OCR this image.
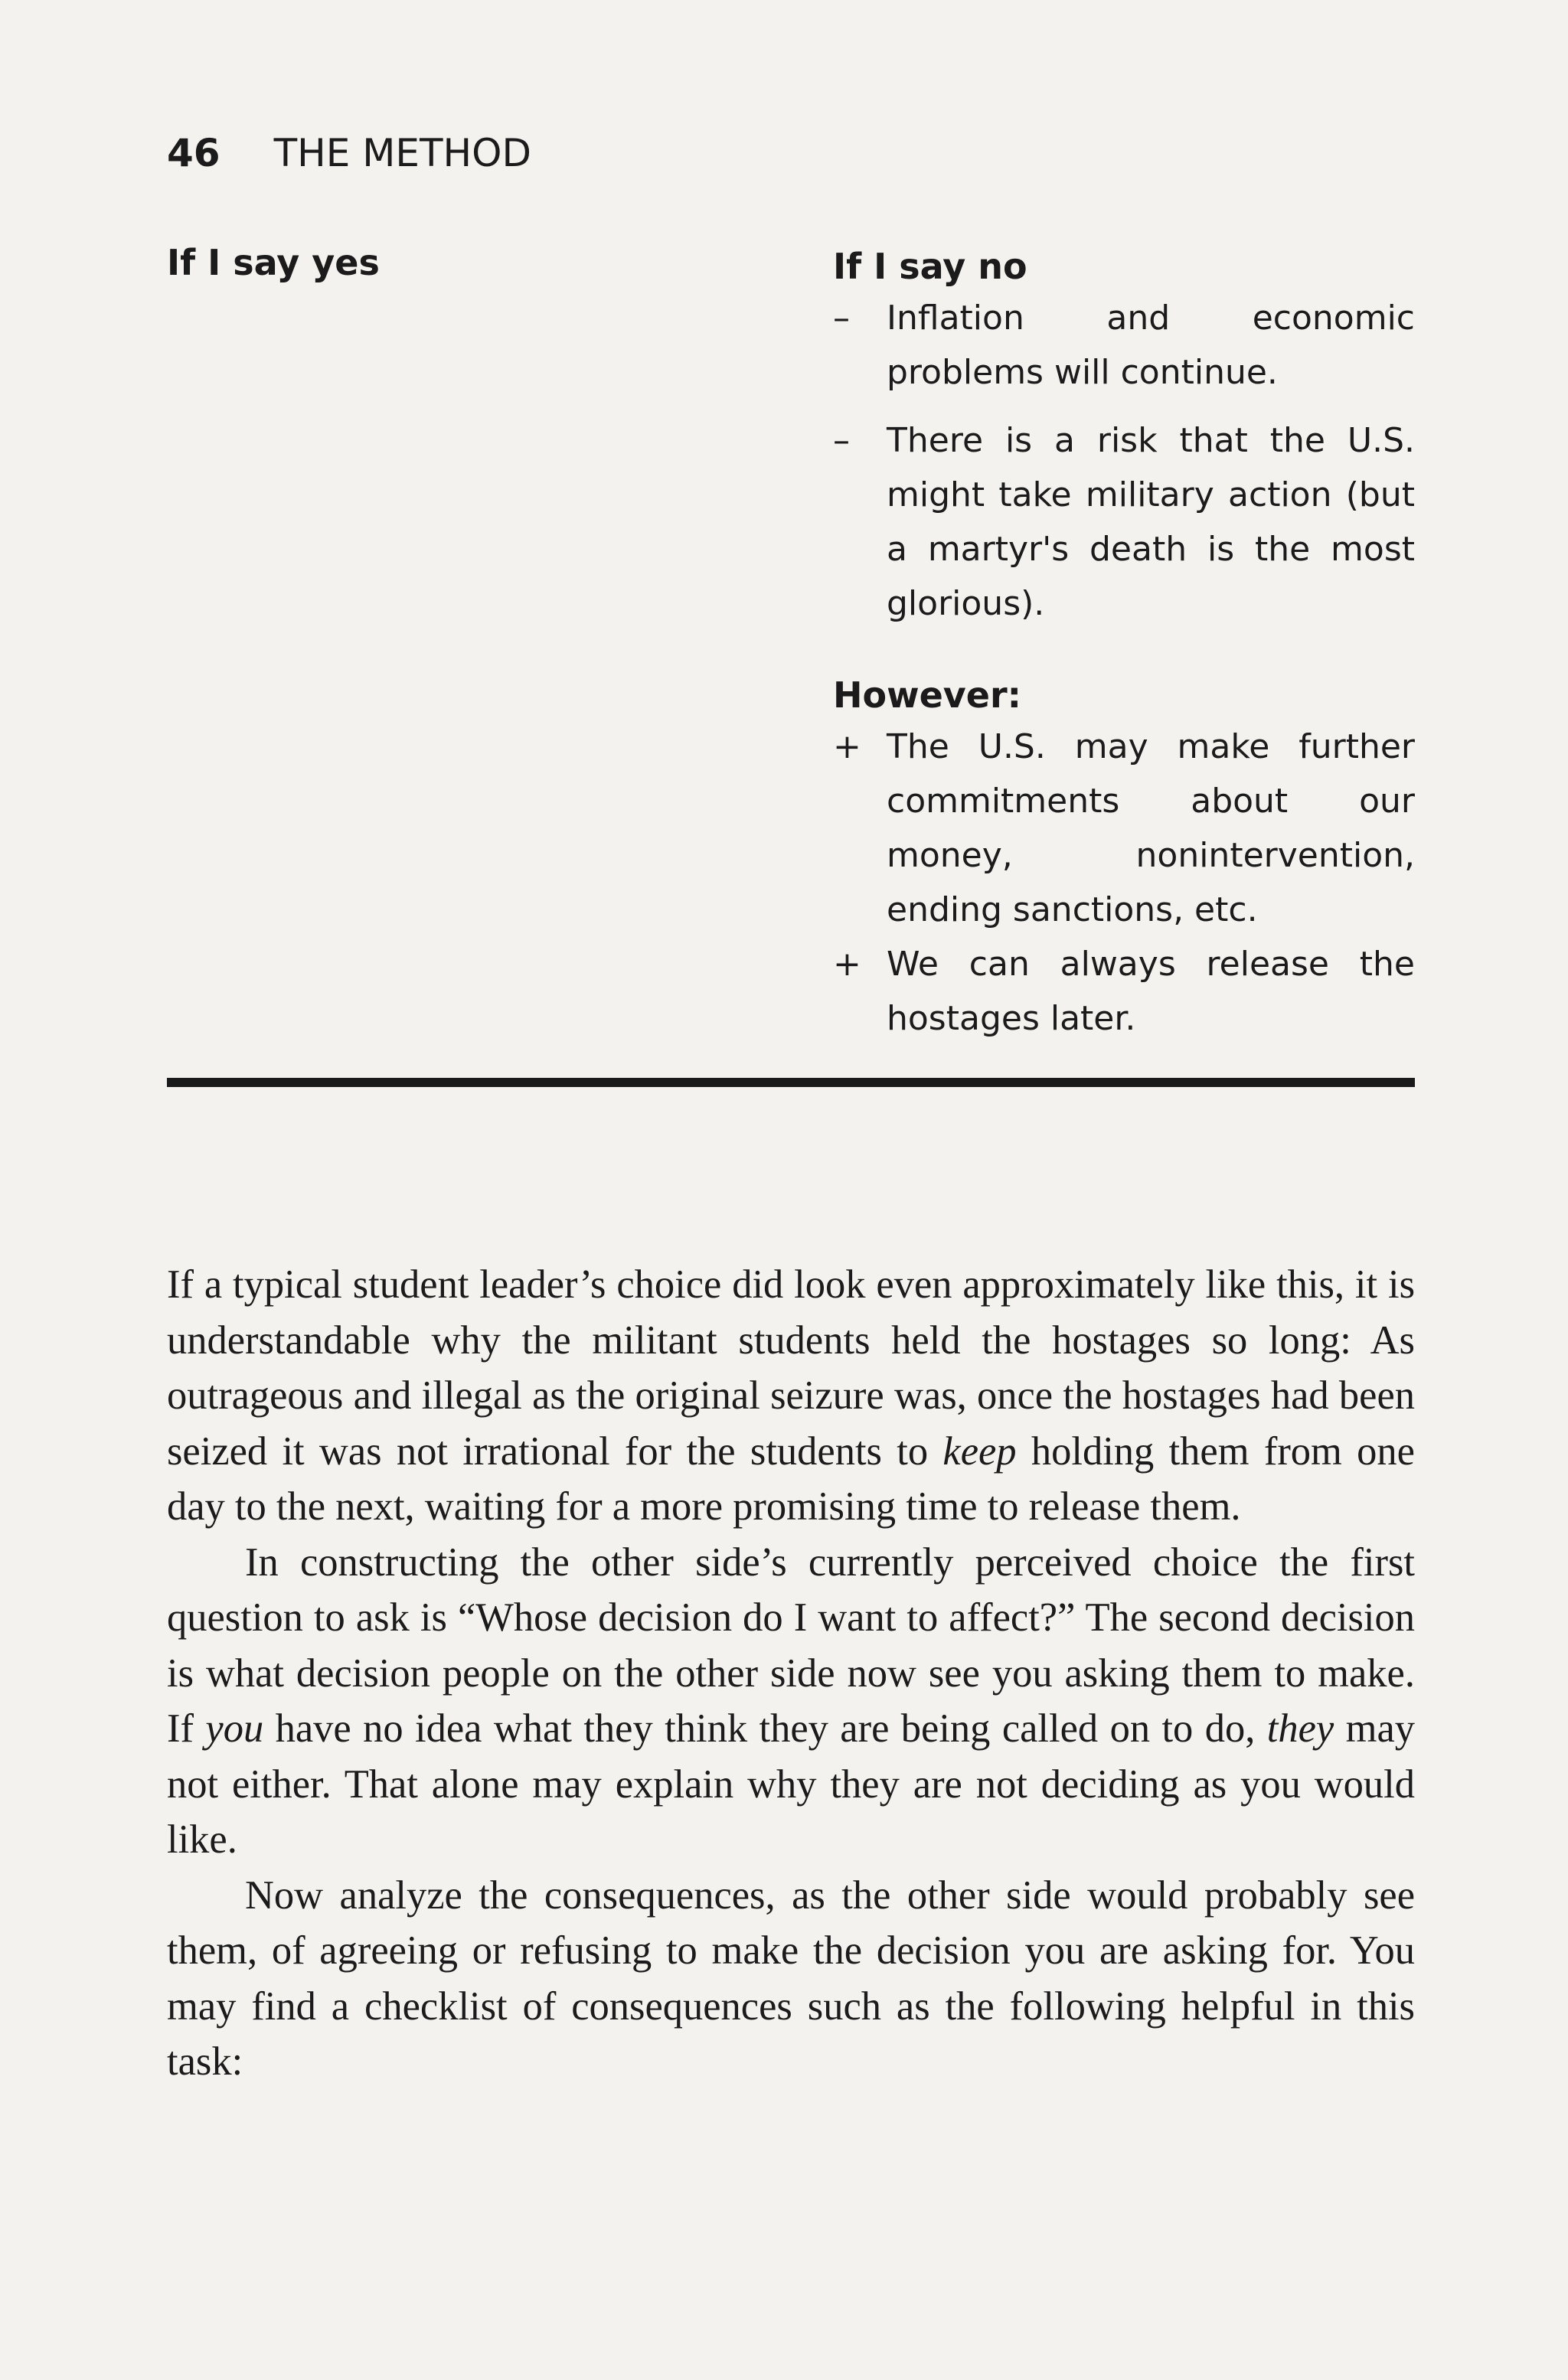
46 THE METHOD
If I say yes	If I say no
–	Inflation and economic problems will continue.
–	There is a risk that the U.S. might take military action (but a martyr's death is the most glorious).
However:
+ The U.S. may make further commitments about our money, nonintervention, ending sanctions, etc.
+ We can always release the hostages later.

If a typical student leader’s choice did look even approximately like this, it is understandable why the militant students held the hostages so long: As outrageous and illegal as the original seizure was, once the hostages had been seized it was not irrational for the students to keep holding them from one day to the next, waiting for a more promising time to release them.

In constructing the other side’s currently perceived choice the first question to ask is “Whose decision do I want to affect?” The second decision is what decision people on the other side now see you asking them to make. If you have no idea what they think they are being called on to do, they may not either. That alone may explain why they are not deciding as you would like.

Now analyze the consequences, as the other side would probably see them, of agreeing or refusing to make the decision you are asking for. You may find a checklist of consequences such as the following helpful in this task:
